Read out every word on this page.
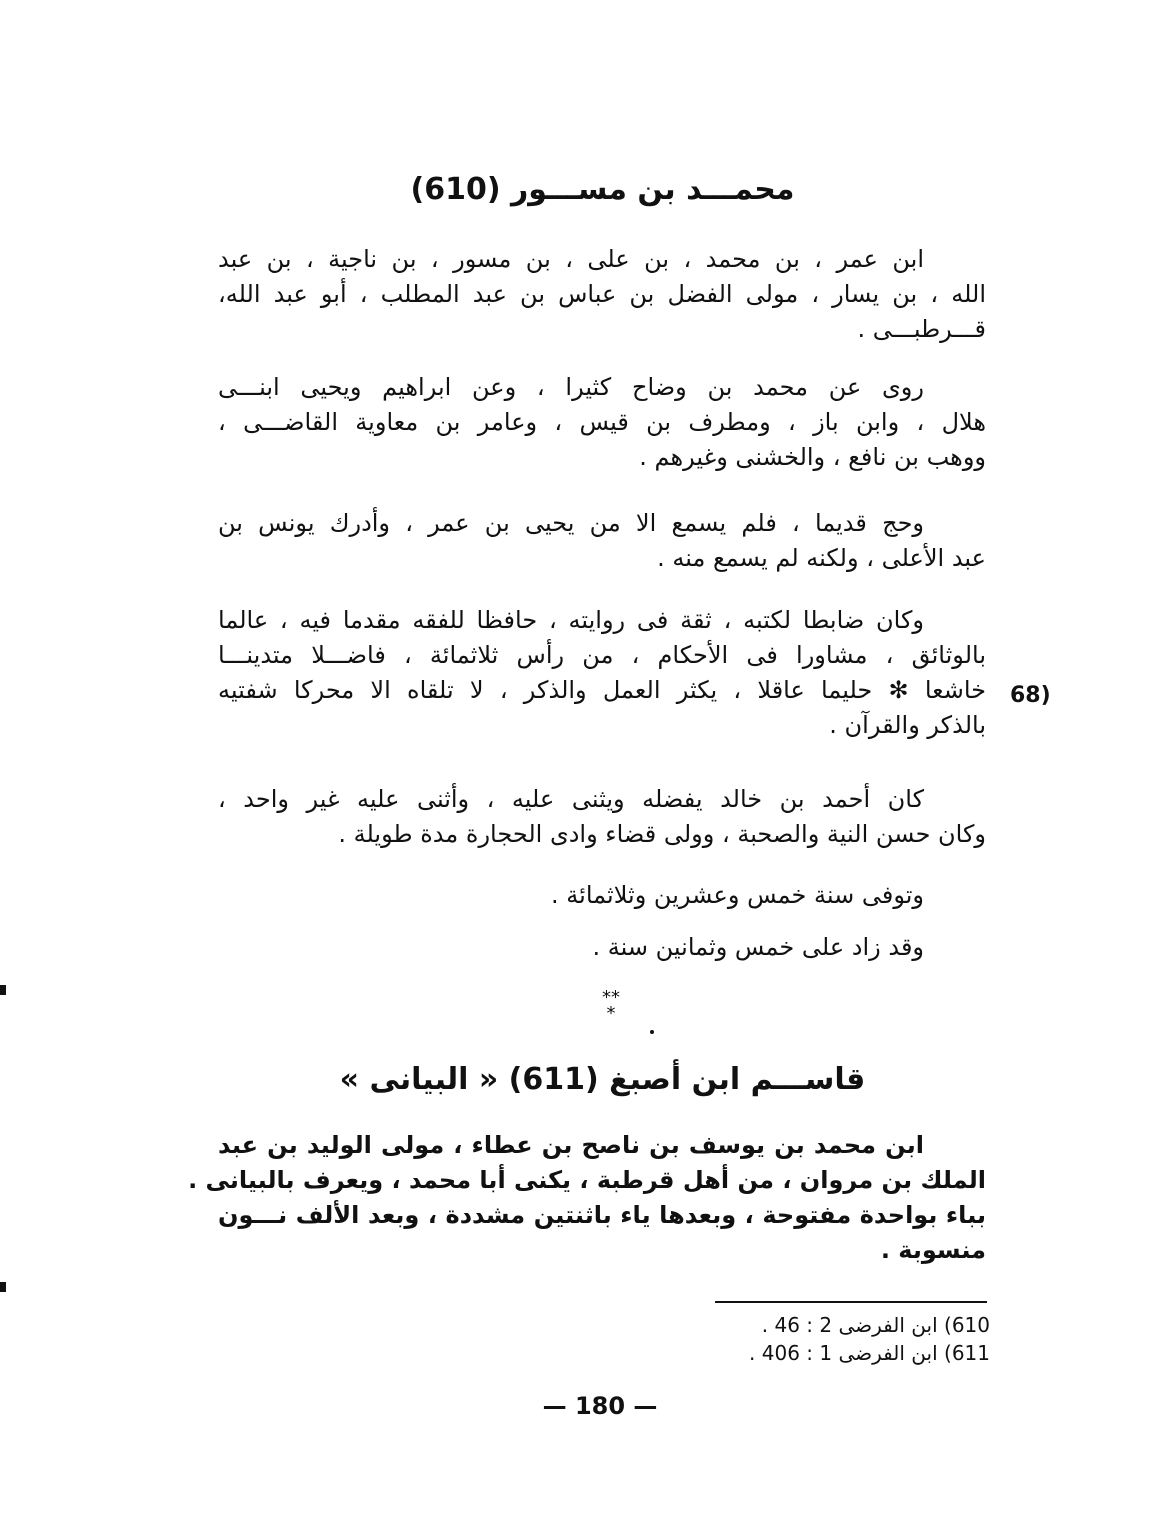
محمـــد بن مســـور (610)
ابن عمر ، بن محمد ، بن على ، بن مسور ، بن ناجية ، بن عبد
الله ، بن يسار ، مولى الفضل بن عباس بن عبد المطلب ، أبو عبد الله،
قـــرطبـــى .
روى عن محمد بن وضاح كثيرا ، وعن ابراهيم ويحيى ابنـــى
هلال ، وابن باز ، ومطرف بن قيس ، وعامر بن معاوية القاضـــى ،
ووهب بن نافع ، والخشنى وغيرهم .
وحج قديما ، فلم يسمع الا من يحيى بن عمر ، وأدرك يونس بن
عبد الأعلى ، ولكنه لم يسمع منه .
وكان ضابطا لكتبه ، ثقة فى روايته ، حافظا للفقه مقدما فيه ، عالما
بالوثائق ، مشاورا فى الأحكام ، من رأس ثلاثمائة ، فاضـــلا متدينـــا
خاشعا ✻ حليما عاقلا ، يكثر العمل والذكر ، لا تلقاه الا محركا شفتيه
بالذكر والقرآن .
68)
كان أحمد بن خالد يفضله ويثنى عليه ، وأثنى عليه غير واحد ،
وكان حسن النية والصحبة ، وولى قضاء وادى الحجارة مدة طويلة .
وتوفى سنة خمس وعشرين وثلاثمائة .
وقد زاد على خمس وثمانين سنة .
**
*
قاســـم ابن أصبغ (611) « البيانى »
ابن محمد بن يوسف بن ناصح بن عطاء ، مولى الوليد بن عبد
الملك بن مروان ، من أهل قرطبة ، يكنى أبا محمد ، ويعرف بالبيانى .
بباء بواحدة مفتوحة ، وبعدها ياء باثنتين مشددة ، وبعد الألف نـــون
منسوبة .
610) ابن الفرضى 2 : 46 .
611) ابن الفرضى 1 : 406 .
— 180 —
